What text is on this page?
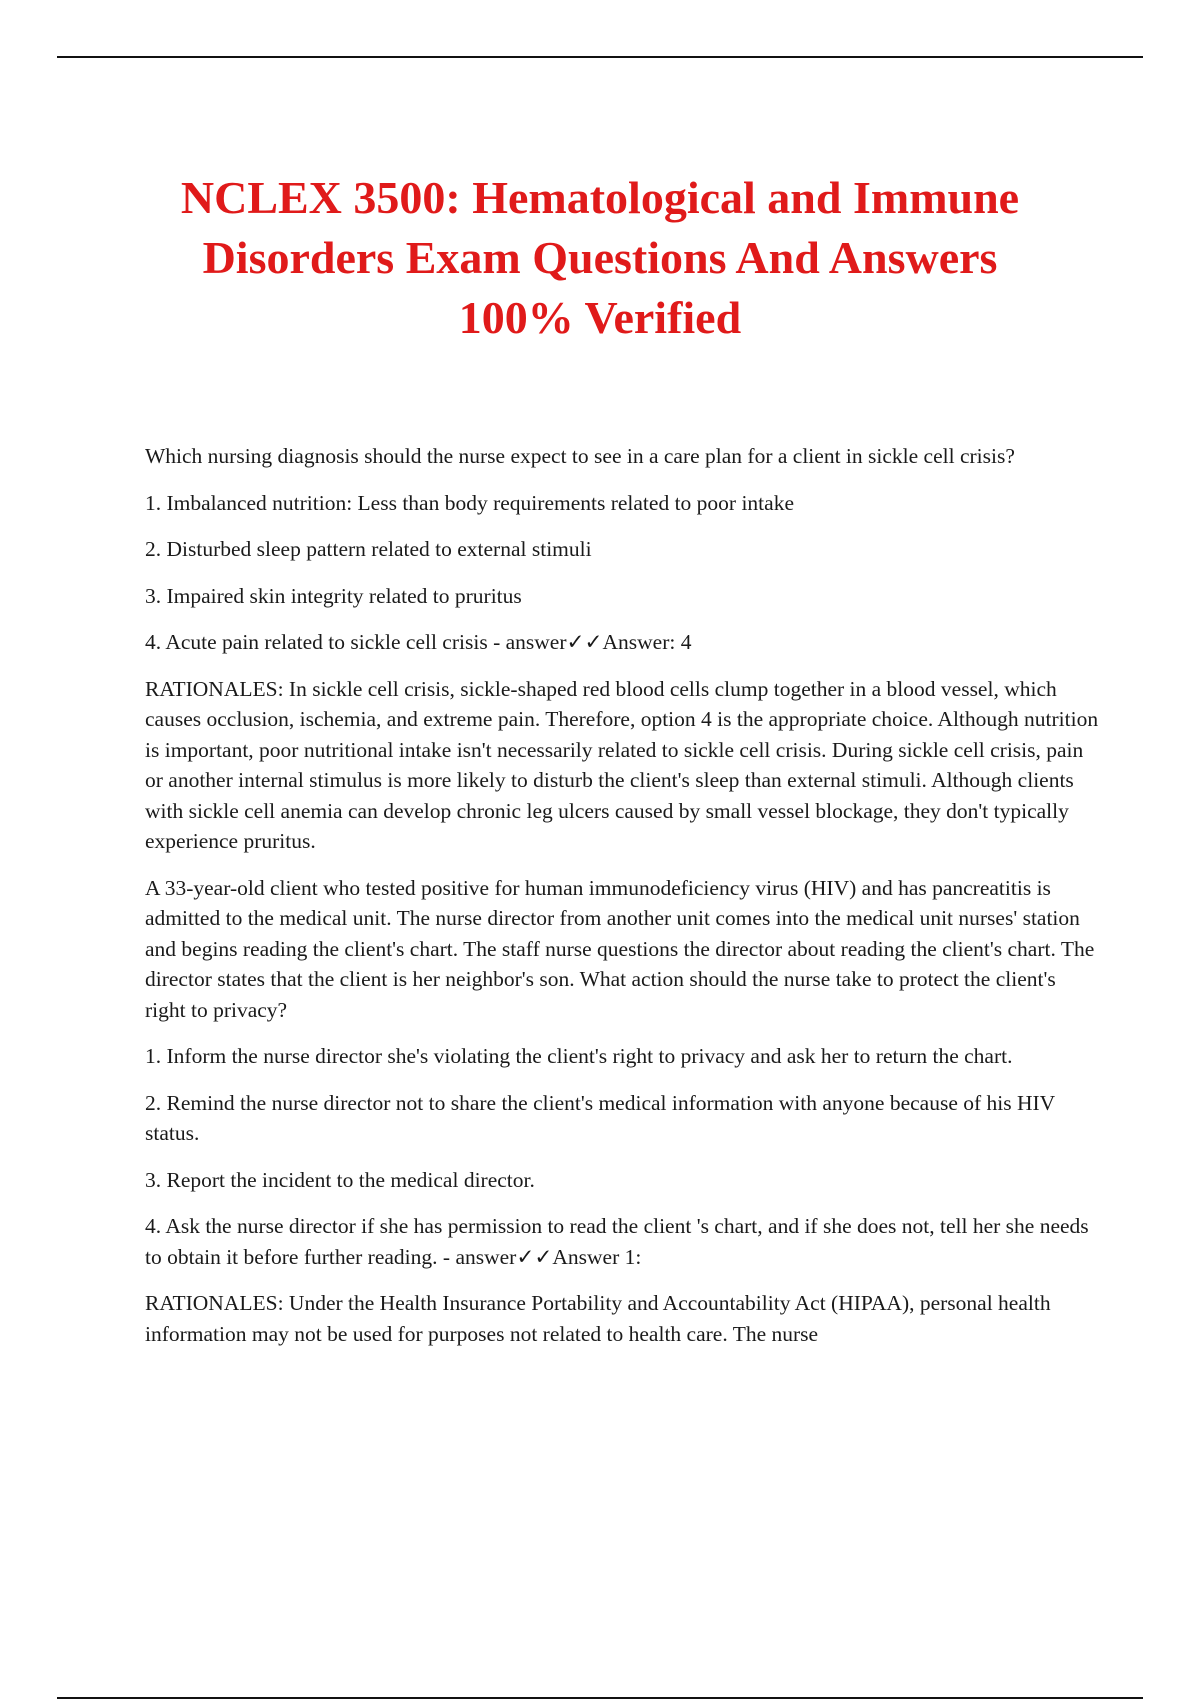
NCLEX 3500: Hematological and Immune
Disorders Exam Questions And Answers
100% Verified

Which nursing diagnosis should the nurse expect to see in a care plan for a client in sickle cell crisis?

1. Imbalanced nutrition: Less than body requirements related to poor intake

2. Disturbed sleep pattern related to external stimuli

3. Impaired skin integrity related to pruritus

4. Acute pain related to sickle cell crisis - answer✓✓Answer: 4

RATIONALES: In sickle cell crisis, sickle-shaped red blood cells clump together in a blood vessel, which causes occlusion, ischemia, and extreme pain. Therefore, option 4 is the appropriate choice. Although nutrition is important, poor nutritional intake isn't necessarily related to sickle cell crisis. During sickle cell crisis, pain or another internal stimulus is more likely to disturb the client's sleep than external stimuli. Although clients with sickle cell anemia can develop chronic leg ulcers caused by small vessel blockage, they don't typically experience pruritus.

A 33-year-old client who tested positive for human immunodeficiency virus (HIV) and has pancreatitis is admitted to the medical unit. The nurse director from another unit comes into the medical unit nurses' station and begins reading the client's chart. The staff nurse questions the director about reading the client's chart. The director states that the client is her neighbor's son. What action should the nurse take to protect the client's right to privacy?

1. Inform the nurse director she's violating the client's right to privacy and ask her to return the chart.

2. Remind the nurse director not to share the client's medical information with anyone because of his HIV status.

3. Report the incident to the medical director.

4. Ask the nurse director if she has permission to read the client 's chart, and if she does not, tell her she needs to obtain it before further reading. - answer✓✓Answer 1:

RATIONALES: Under the Health Insurance Portability and Accountability Act (HIPAA), personal health information may not be used for purposes not related to health care. The nurse
